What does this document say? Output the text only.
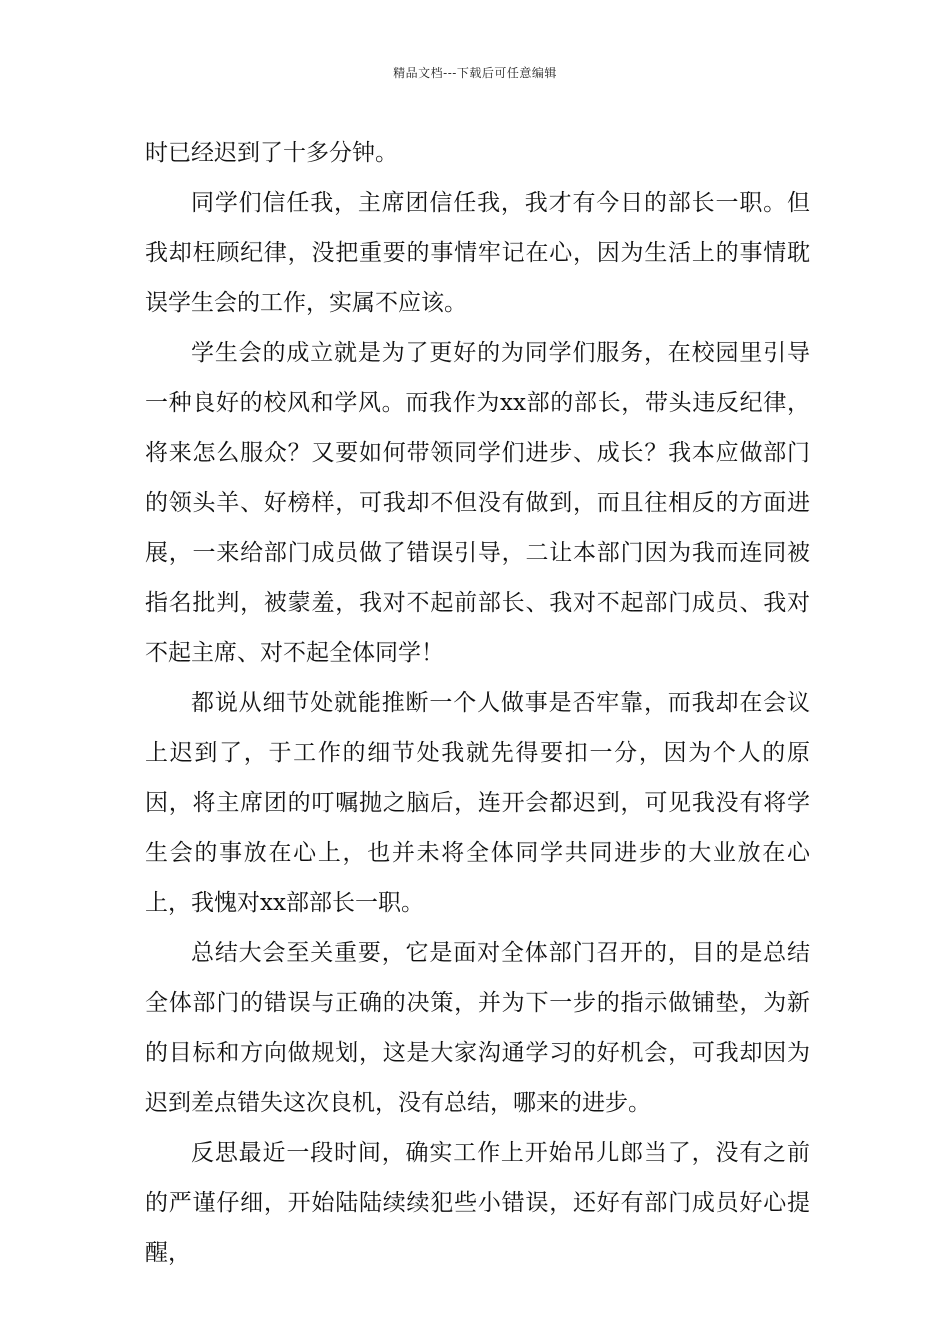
精品文档---下载后可任意编辑

时已经迟到了十多分钟。

同学们信任我，主席团信任我，我才有今日的部长一职。但我却枉顾纪律，没把重要的事情牢记在心，因为生活上的事情耽误学生会的工作，实属不应该。

学生会的成立就是为了更好的为同学们服务，在校园里引导一种良好的校风和学风。而我作为xx部的部长，带头违反纪律，将来怎么服众？又要如何带领同学们进步、成长？我本应做部门的领头羊、好榜样，可我却不但没有做到，而且往相反的方面进展，一来给部门成员做了错误引导，二让本部门因为我而连同被指名批判，被蒙羞，我对不起前部长、我对不起部门成员、我对不起主席、对不起全体同学！

都说从细节处就能推断一个人做事是否牢靠，而我却在会议上迟到了，于工作的细节处我就先得要扣一分，因为个人的原因，将主席团的叮嘱抛之脑后，连开会都迟到，可见我没有将学生会的事放在心上，也并未将全体同学共同进步的大业放在心上，我愧对xx部部长一职。

总结大会至关重要，它是面对全体部门召开的，目的是总结全体部门的错误与正确的决策，并为下一步的指示做铺垫，为新的目标和方向做规划，这是大家沟通学习的好机会，可我却因为迟到差点错失这次良机，没有总结，哪来的进步。

反思最近一段时间，确实工作上开始吊儿郎当了，没有之前的严谨仔细，开始陆陆续续犯些小错误，还好有部门成员好心提醒，
